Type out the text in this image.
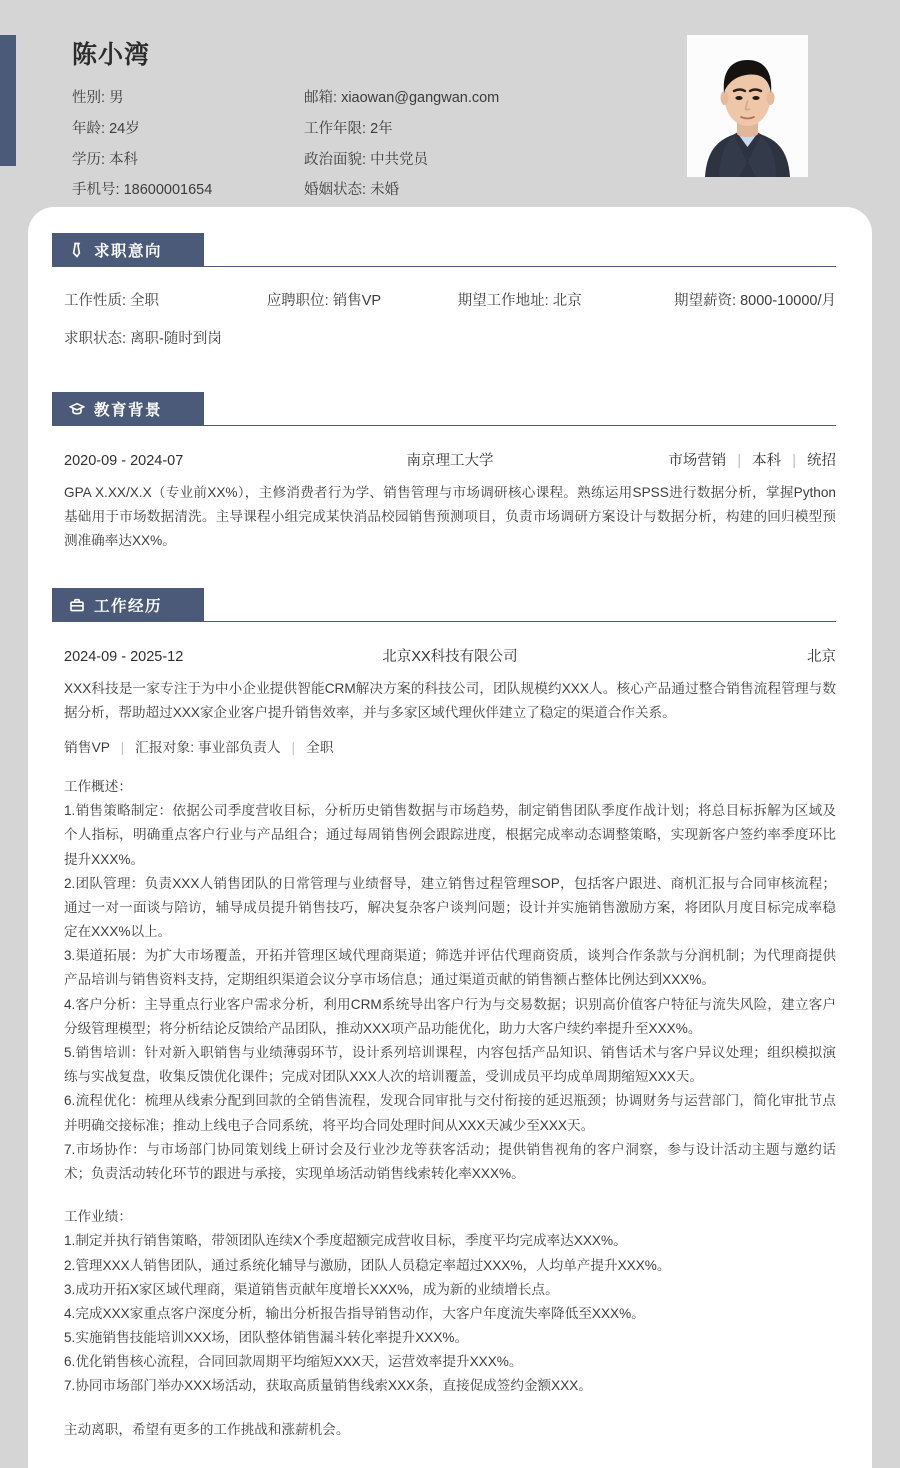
陈小湾
性别: 男	邮箱: xiaowan@gangwan.com
年龄: 24岁	工作年限: 2年
学历: 本科	政治面貌: 中共党员
手机号: 18600001654	婚姻状态: 未婚
求职意向
工作性质: 全职	应聘职位: 销售VP	期望工作地址: 北京	期望薪资: 8000-10000/月
求职状态: 离职-随时到岗
教育背景
2020-09 - 2024-07	南京理工大学	市场营销 | 本科 | 统招
GPA X.XX/X.X（专业前XX%），主修消费者行为学、销售管理与市场调研核心课程。熟练运用SPSS进行数据分析，掌握Python基础用于市场数据清洗。主导课程小组完成某快消品校园销售预测项目，负责市场调研方案设计与数据分析，构建的回归模型预测准确率达XX%。
工作经历
2024-09 - 2025-12	北京XX科技有限公司	北京
XXX科技是一家专注于为中小企业提供智能CRM解决方案的科技公司，团队规模约XXX人。核心产品通过整合销售流程管理与数据分析，帮助超过XXX家企业客户提升销售效率，并与多家区域代理伙伴建立了稳定的渠道合作关系。
销售VP | 汇报对象: 事业部负责人 | 全职
工作概述：
1.销售策略制定：依据公司季度营收目标，分析历史销售数据与市场趋势，制定销售团队季度作战计划；将总目标拆解为区域及个人指标，明确重点客户行业与产品组合；通过每周销售例会跟踪进度，根据完成率动态调整策略，实现新客户签约率季度环比提升XXX%。
2.团队管理：负责XXX人销售团队的日常管理与业绩督导，建立销售过程管理SOP，包括客户跟进、商机汇报与合同审核流程；通过一对一面谈与陪访，辅导成员提升销售技巧，解决复杂客户谈判问题；设计并实施销售激励方案，将团队月度目标完成率稳定在XXX%以上。
3.渠道拓展：为扩大市场覆盖，开拓并管理区域代理商渠道；筛选并评估代理商资质，谈判合作条款与分润机制；为代理商提供产品培训与销售资料支持，定期组织渠道会议分享市场信息；通过渠道贡献的销售额占整体比例达到XXX%。
4.客户分析：主导重点行业客户需求分析，利用CRM系统导出客户行为与交易数据；识别高价值客户特征与流失风险，建立客户分级管理模型；将分析结论反馈给产品团队，推动XXX项产品功能优化，助力大客户续约率提升至XXX%。
5.销售培训：针对新入职销售与业绩薄弱环节，设计系列培训课程，内容包括产品知识、销售话术与客户异议处理；组织模拟演练与实战复盘，收集反馈优化课件；完成对团队XXX人次的培训覆盖，受训成员平均成单周期缩短XXX天。
6.流程优化：梳理从线索分配到回款的全销售流程，发现合同审批与交付衔接的延迟瓶颈；协调财务与运营部门，简化审批节点并明确交接标准；推动上线电子合同系统，将平均合同处理时间从XXX天减少至XXX天。
7.市场协作：与市场部门协同策划线上研讨会及行业沙龙等获客活动；提供销售视角的客户洞察，参与设计活动主题与邀约话术；负责活动转化环节的跟进与承接，实现单场活动销售线索转化率XXX%。
工作业绩：
1.制定并执行销售策略，带领团队连续X个季度超额完成营收目标，季度平均完成率达XXX%。
2.管理XXX人销售团队，通过系统化辅导与激励，团队人员稳定率超过XXX%，人均单产提升XXX%。
3.成功开拓X家区域代理商，渠道销售贡献年度增长XXX%，成为新的业绩增长点。
4.完成XXX家重点客户深度分析，输出分析报告指导销售动作，大客户年度流失率降低至XXX%。
5.实施销售技能培训XXX场，团队整体销售漏斗转化率提升XXX%。
6.优化销售核心流程，合同回款周期平均缩短XXX天，运营效率提升XXX%。
7.协同市场部门举办XXX场活动，获取高质量销售线索XXX条，直接促成签约金额XXX。
主动离职，希望有更多的工作挑战和涨薪机会。
